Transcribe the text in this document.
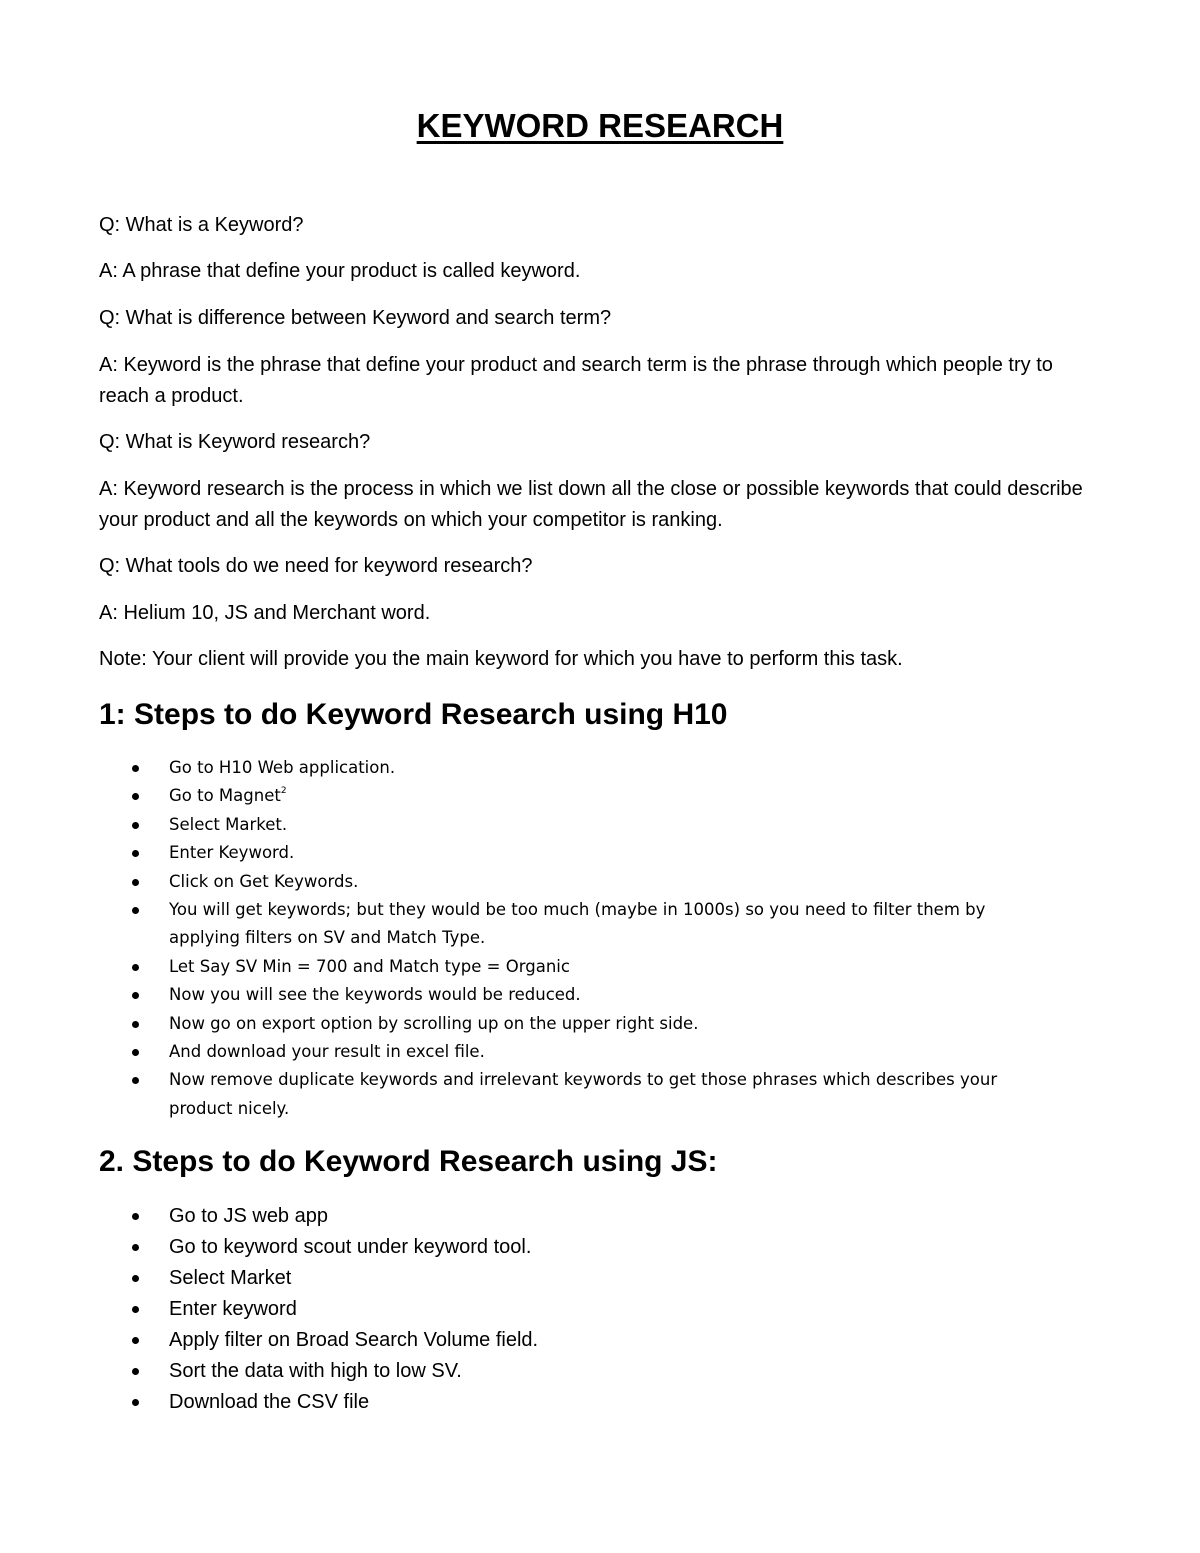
KEYWORD RESEARCH

Q: What is a Keyword?

A: A phrase that define your product is called keyword.

Q: What is difference between Keyword and search term?

A: Keyword is the phrase that define your product and search term is the phrase through which people try to reach a product.

Q: What is Keyword research?

A: Keyword research is the process in which we list down all the close or possible keywords that could describe your product and all the keywords on which your competitor is ranking.

Q: What tools do we need for keyword research?

A: Helium 10, JS and Merchant word.

Note: Your client will provide you the main keyword for which you have to perform this task.

1: Steps to do Keyword Research using H10
Go to H10 Web application.
Go to Magnet$^2$
Select Market.
Enter Keyword.
Click on Get Keywords.
You will get keywords; but they would be too much (maybe in 1000s) so you need to filter them by applying filters on SV and Match Type.
Let Say SV Min = 700 and Match type = Organic
Now you will see the keywords would be reduced.
Now go on export option by scrolling up on the upper right side.
And download your result in excel file.
Now remove duplicate keywords and irrelevant keywords to get those phrases which describes your product nicely.
2. Steps to do Keyword Research using JS:
Go to JS web app
Go to keyword scout under keyword tool.
Select Market
Enter keyword
Apply filter on Broad Search Volume field.
Sort the data with high to low SV.
Download the CSV file
